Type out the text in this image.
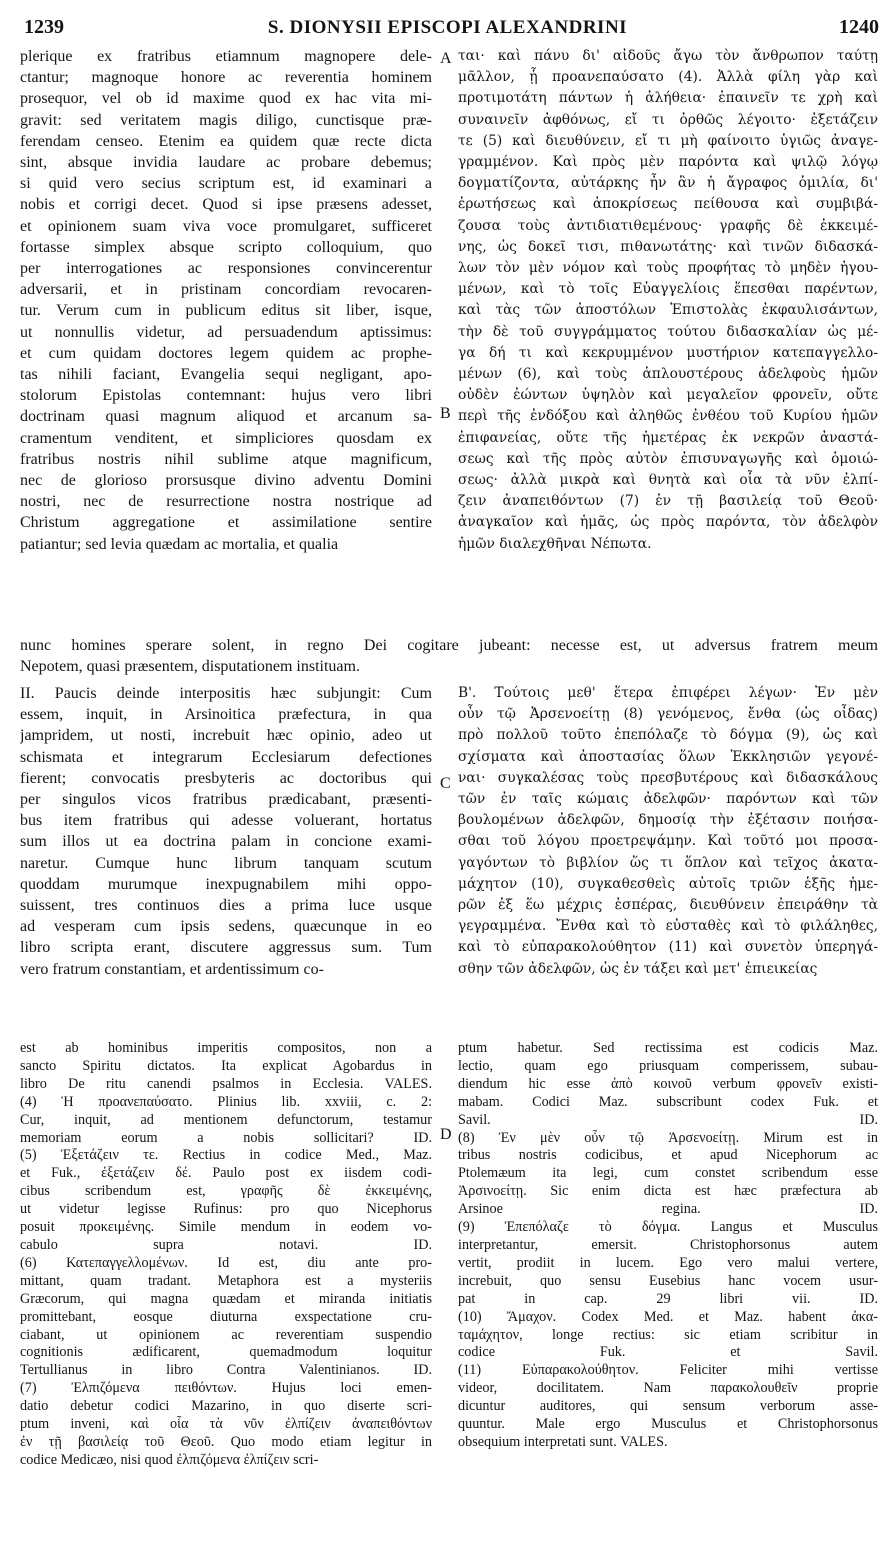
1239	S. DIONYSII EPISCOPI ALEXANDRINI	1240
A
B
C
D
plerique ex fratribus etiamnum magnopere dele-
ctantur; magnoque honore ac reverentia hominem
prosequor, vel ob id maxime quod ex hac vita mi-
gravit: sed veritatem magis diligo, cunctisque præ-
ferendam censeo. Etenim ea quidem quæ recte dicta
sint, absque invidia laudare ac probare debemus;
si quid vero secius scriptum est, id examinari a
nobis et corrigi decet. Quod si ipse præsens adesset,
et opinionem suam viva voce promulgaret, sufficeret
fortasse simplex absque scripto colloquium, quo
per interrogationes ac responsiones convincerentur
adversarii, et in pristinam concordiam revocaren-
tur. Verum cum in publicum editus sit liber, isque,
ut nonnullis videtur, ad persuadendum aptissimus:
et cum quidam doctores legem quidem ac prophe-
tas nihili faciant, Evangelia sequi negligant, apo-
stolorum Epistolas contemnant: hujus vero libri
doctrinam quasi magnum aliquod et arcanum sa-
cramentum venditent, et simpliciores quosdam ex
fratribus nostris nihil sublime atque magnificum,
nec de glorioso prorsusque divino adventu Domini
nostri, nec de resurrectione nostra nostrique ad
Christum aggregatione et assimilatione sentire
patiantur; sed levia quædam ac mortalia, et qualia
ται· καὶ πάνυ δι' αἰδοῦς ἄγω τὸν ἄνθρωπον ταύτῃ
μᾶλλον, ᾗ προανεπαύσατο (4). Ἀλλὰ φίλη γὰρ καὶ
προτιμοτάτη πάντων ἡ ἀλήθεια· ἐπαινεῖν τε χρὴ καὶ
συναινεῖν ἀφθόνως, εἴ τι ὀρθῶς λέγοιτο· ἐξετάζειν
τε (5) καὶ διευθύνειν, εἴ τι μὴ φαίνοιτο ὑγιῶς ἀναγε-
γραμμένον. Καὶ πρὸς μὲν παρόντα καὶ ψιλῷ λόγῳ
δογματίζοντα, αὐτάρκης ἦν ἂν ἡ ἄγραφος ὁμιλία, δι'
ἐρωτήσεως καὶ ἀποκρίσεως πείθουσα καὶ συμβιβά-
ζουσα τοὺς ἀντιδιατιθεμένους· γραφῆς δὲ ἐκκειμέ-
νης, ὡς δοκεῖ τισι, πιθανωτάτης· καὶ τινῶν διδασκά-
λων τὸν μὲν νόμον καὶ τοὺς προφήτας τὸ μηδὲν ἡγου-
μένων, καὶ τὸ τοῖς Εὐαγγελίοις ἕπεσθαι παρέντων,
καὶ τὰς τῶν ἀποστόλων Ἐπιστολὰς ἐκφαυλισάντων,
τὴν δὲ τοῦ συγγράμματος τούτου διδασκαλίαν ὡς μέ-
γα δή τι καὶ κεκρυμμένον μυστήριον κατεπαγγελλο-
μένων (6), καὶ τοὺς ἁπλουστέρους ἀδελφοὺς ἡμῶν
οὐδὲν ἐώντων ὑψηλὸν καὶ μεγαλεῖον φρονεῖν, οὔτε
περὶ τῆς ἐνδόξου καὶ ἀληθῶς ἐνθέου τοῦ Κυρίου ἡμῶν
ἐπιφανείας, οὔτε τῆς ἡμετέρας ἐκ νεκρῶν ἀναστά-
σεως καὶ τῆς πρὸς αὐτὸν ἐπισυναγωγῆς καὶ ὁμοιώ-
σεως· ἀλλὰ μικρὰ καὶ θνητὰ καὶ οἷα τὰ νῦν ἐλπί-
ζειν ἀναπειθόντων (7) ἐν τῇ βασιλείᾳ τοῦ Θεοῦ·
ἀναγκαῖον καὶ ἡμᾶς, ὡς πρὸς παρόντα, τὸν ἀδελφὸν
ἡμῶν διαλεχθῆναι Νέπωτα.
nunc homines sperare solent, in regno Dei cogitare jubeant: necesse est, ut adversus fratrem meum
Nepotem, quasi præsentem, disputationem instituam.
II. Paucis deinde interpositis hæc subjungit: Cum
essem, inquit, in Arsinoitica præfectura, in qua
jampridem, ut nosti, increbuit hæc opinio, adeo ut
schismata et integrarum Ecclesiarum defectiones
fierent; convocatis presbyteris ac doctoribus qui
per singulos vicos fratribus prædicabant, præsenti-
bus item fratribus qui adesse voluerant, hortatus
sum illos ut ea doctrina palam in concione exami-
naretur. Cumque hunc librum tanquam scutum
quoddam murumque inexpugnabilem mihi oppo-
suissent, tres continuos dies a prima luce usque
ad vesperam cum ipsis sedens, quæcunque in eo
libro scripta erant, discutere aggressus sum. Tum
vero fratrum constantiam, et ardentissimum co-
Β'. Τούτοις μεθ' ἕτερα ἐπιφέρει λέγων· Ἐν μὲν
οὖν τῷ Ἀρσενοείτῃ (8) γενόμενος, ἔνθα (ὡς οἶδας)
πρὸ πολλοῦ τοῦτο ἐπεπόλαζε τὸ δόγμα (9), ὡς καὶ
σχίσματα καὶ ἀποστασίας ὅλων Ἐκκλησιῶν γεγονέ-
ναι· συγκαλέσας τοὺς πρεσβυτέρους καὶ διδασκάλους
τῶν ἐν ταῖς κώμαις ἀδελφῶν· παρόντων καὶ τῶν
βουλομένων ἀδελφῶν, δημοσίᾳ τὴν ἐξέτασιν ποιήσα-
σθαι τοῦ λόγου προετρεψάμην. Καὶ τοῦτό μοι προσα-
γαγόντων τὸ βιβλίον ὥς τι ὅπλον καὶ τεῖχος ἀκατα-
μάχητον (10), συγκαθεσθεὶς αὐτοῖς τριῶν ἑξῆς ἡμε-
ρῶν ἐξ ἕω μέχρις ἑσπέρας, διευθύνειν ἐπειράθην τὰ
γεγραμμένα. Ἔνθα καὶ τὸ εὐσταθὲς καὶ τὸ φιλάληθες,
καὶ τὸ εὐπαρακολούθητον (11) καὶ συνετὸν ὑπερηγά-
σθην τῶν ἀδελφῶν, ὡς ἐν τάξει καὶ μετ' ἐπιεικείας
est ab hominibus imperitis compositos, non a
sancto Spiritu dictatos. Ita explicat Agobardus in
libro De ritu canendi psalmos in Ecclesia. VALES.
(4) Ἡ προανεπαύσατο. Plinius lib. xxviii, c. 2:
Cur, inquit, ad mentionem defunctorum, testamur
memoriam eorum a nobis sollicitari? ID.
(5) Ἐξετάζειν τε. Rectius in codice Med., Maz.
et Fuk., ἐξετάζειν δέ. Paulo post ex iisdem codi-
cibus scribendum est, γραφῆς δὲ ἐκκειμένης,
ut videtur legisse Rufinus: pro quo Nicephorus
posuit προκειμένης. Simile mendum in eodem vo-
cabulo supra notavi. ID.
(6) Κατεπαγγελλομένων. Id est, diu ante pro-
mittant, quam tradant. Metaphora est a mysteriis
Græcorum, qui magna quædam et miranda initiatis
promittebant, eosque diuturna exspectatione cru-
ciabant, ut opinionem ac reverentiam suspendio
cognitionis ædificarent, quemadmodum loquitur
Tertullianus in libro Contra Valentinianos. ID.
(7) Ἐλπιζόμενα πειθόντων. Hujus loci emen-
datio debetur codici Mazarino, in quo diserte scri-
ptum inveni, καὶ οἷα τὰ νῦν ἐλπίζειν ἀναπειθόντων
ἐν τῇ βασιλείᾳ τοῦ Θεοῦ. Quo modo etiam legitur in
codice Medicæo, nisi quod ἐλπιζόμενα ἐλπίζειν scri-
ptum habetur. Sed rectissima est codicis Maz.
lectio, quam ego priusquam comperissem, subau-
diendum hic esse ἀπὸ κοινοῦ verbum φρονεῖν existi-
mabam. Codici Maz. subscribunt codex Fuk. et
Savil. ID.
(8) Ἐν μὲν οὖν τῷ Ἀρσενοείτῃ. Mirum est in
tribus nostris codicibus, et apud Nicephorum ac
Ptolemæum ita legi, cum constet scribendum esse
Ἀρσινοείτῃ. Sic enim dicta est hæc præfectura ab
Arsinoe regina. ID.
(9) Ἐπεπόλαζε τὸ δόγμα. Langus et Musculus
interpretantur, emersit. Christophorsonus autem
vertit, prodiit in lucem. Ego vero malui vertere,
increbuit, quo sensu Eusebius hanc vocem usur-
pat in cap. 29 libri vii. ID.
(10) Ἄμαχον. Codex Med. et Maz. habent ἀκα-
ταμάχητον, longe rectius: sic etiam scribitur in
codice Fuk. et Savil.
(11) Εὐπαρακολούθητον. Feliciter mihi vertisse
videor, docilitatem. Nam παρακολουθεῖν proprie
dicuntur auditores, qui sensum verborum asse-
quuntur. Male ergo Musculus et Christophorsonus
obsequium interpretati sunt. VALES.
